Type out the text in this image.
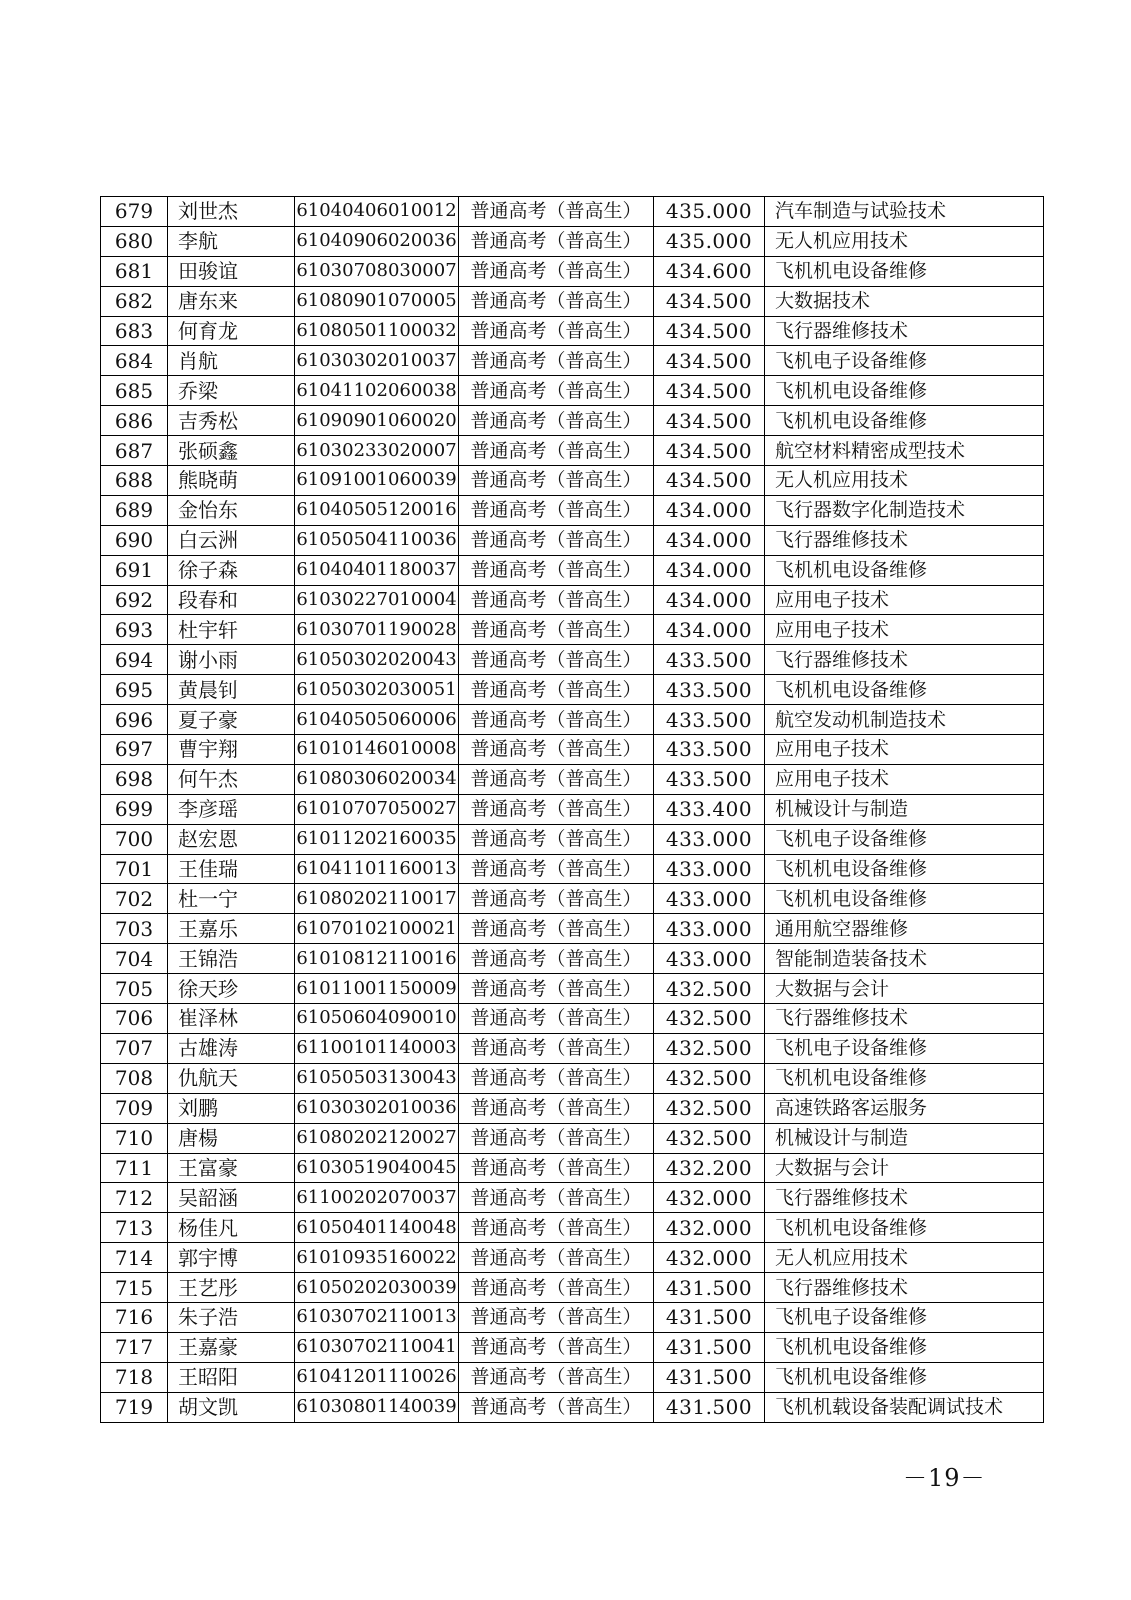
679	刘世杰	61040406010012	普通高考（普高生）	435.000	汽车制造与试验技术
680	李航	61040906020036	普通高考（普高生）	435.000	无人机应用技术
681	田骏谊	61030708030007	普通高考（普高生）	434.600	飞机机电设备维修
682	唐东来	61080901070005	普通高考（普高生）	434.500	大数据技术
683	何育龙	61080501100032	普通高考（普高生）	434.500	飞行器维修技术
684	肖航	61030302010037	普通高考（普高生）	434.500	飞机电子设备维修
685	乔梁	61041102060038	普通高考（普高生）	434.500	飞机机电设备维修
686	吉秀松	61090901060020	普通高考（普高生）	434.500	飞机机电设备维修
687	张硕鑫	61030233020007	普通高考（普高生）	434.500	航空材料精密成型技术
688	熊晓萌	61091001060039	普通高考（普高生）	434.500	无人机应用技术
689	金怡东	61040505120016	普通高考（普高生）	434.000	飞行器数字化制造技术
690	白云洲	61050504110036	普通高考（普高生）	434.000	飞行器维修技术
691	徐子森	61040401180037	普通高考（普高生）	434.000	飞机机电设备维修
692	段春和	61030227010004	普通高考（普高生）	434.000	应用电子技术
693	杜宇轩	61030701190028	普通高考（普高生）	434.000	应用电子技术
694	谢小雨	61050302020043	普通高考（普高生）	433.500	飞行器维修技术
695	黄晨钊	61050302030051	普通高考（普高生）	433.500	飞机机电设备维修
696	夏子豪	61040505060006	普通高考（普高生）	433.500	航空发动机制造技术
697	曹宇翔	61010146010008	普通高考（普高生）	433.500	应用电子技术
698	何午杰	61080306020034	普通高考（普高生）	433.500	应用电子技术
699	李彦瑶	61010707050027	普通高考（普高生）	433.400	机械设计与制造
700	赵宏恩	61011202160035	普通高考（普高生）	433.000	飞机电子设备维修
701	王佳瑞	61041101160013	普通高考（普高生）	433.000	飞机机电设备维修
702	杜一宁	61080202110017	普通高考（普高生）	433.000	飞机机电设备维修
703	王嘉乐	61070102100021	普通高考（普高生）	433.000	通用航空器维修
704	王锦浩	61010812110016	普通高考（普高生）	433.000	智能制造装备技术
705	徐天珍	61011001150009	普通高考（普高生）	432.500	大数据与会计
706	崔泽林	61050604090010	普通高考（普高生）	432.500	飞行器维修技术
707	古雄涛	61100101140003	普通高考（普高生）	432.500	飞机电子设备维修
708	仇航天	61050503130043	普通高考（普高生）	432.500	飞机机电设备维修
709	刘鹏	61030302010036	普通高考（普高生）	432.500	高速铁路客运服务
710	唐楊	61080202120027	普通高考（普高生）	432.500	机械设计与制造
711	王富豪	61030519040045	普通高考（普高生）	432.200	大数据与会计
712	吴韶涵	61100202070037	普通高考（普高生）	432.000	飞行器维修技术
713	杨佳凡	61050401140048	普通高考（普高生）	432.000	飞机机电设备维修
714	郭宇博	61010935160022	普通高考（普高生）	432.000	无人机应用技术
715	王艺彤	61050202030039	普通高考（普高生）	431.500	飞行器维修技术
716	朱子浩	61030702110013	普通高考（普高生）	431.500	飞机电子设备维修
717	王嘉豪	61030702110041	普通高考（普高生）	431.500	飞机机电设备维修
718	王昭阳	61041201110026	普通高考（普高生）	431.500	飞机机电设备维修
719	胡文凯	61030801140039	普通高考（普高生）	431.500	飞机机载设备装配调试技术
－19－
